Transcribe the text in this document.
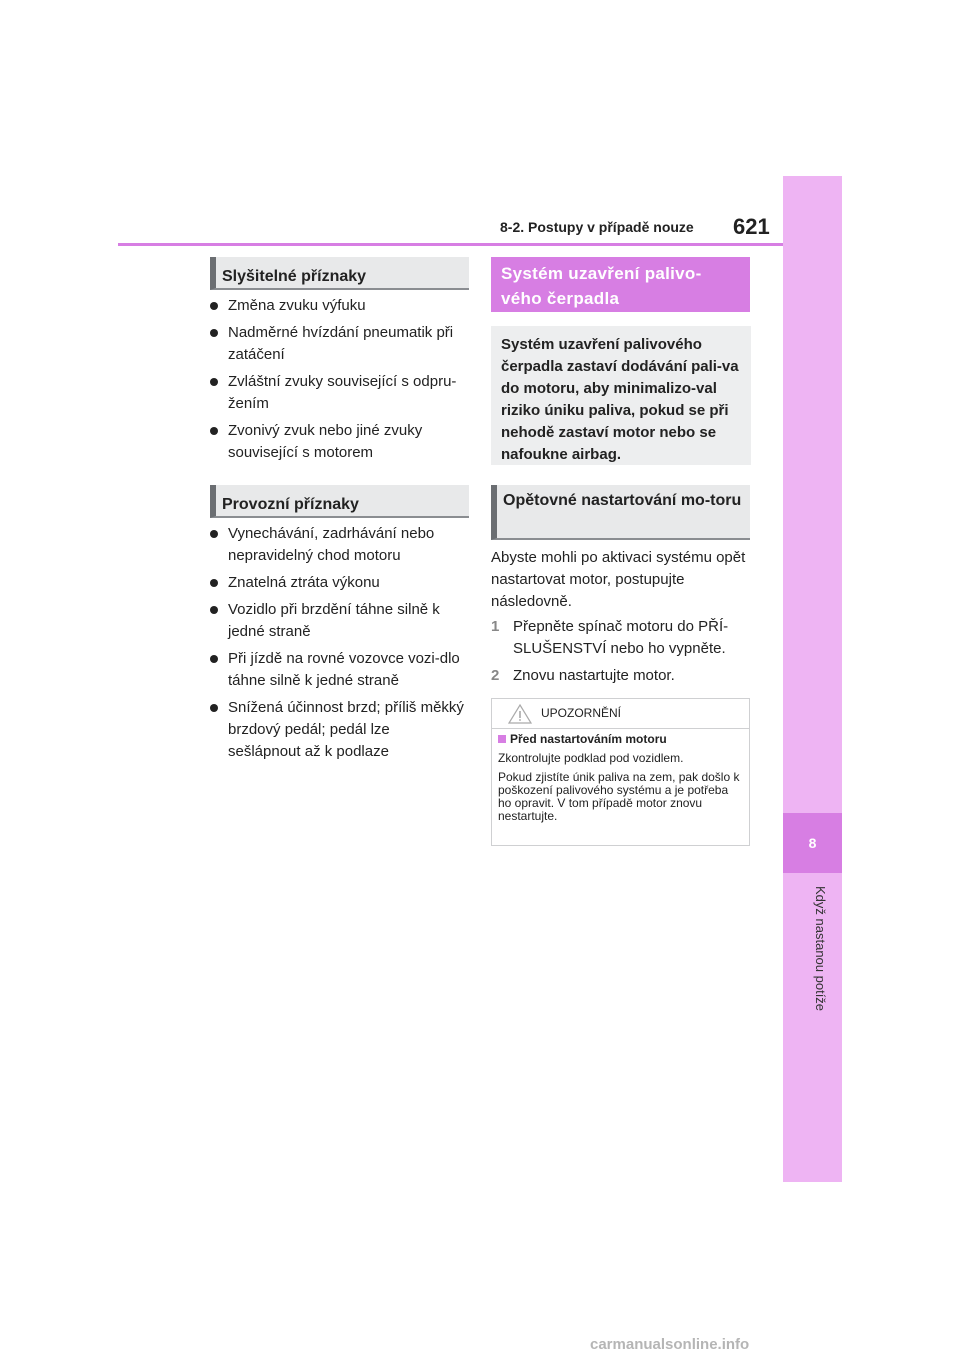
8
Když nastanou potíže
8-2. Postupy v případě nouze 621
Slyšitelné příznaky
Změna zvuku výfuku
Nadměrné hvízdání pneumatik při zatáčení
Zvláštní zvuky související s odpru-žením
Zvonivý zvuk nebo jiné zvuky související s motorem
Provozní příznaky
Vynechávání, zadrhávání nebo nepravidelný chod motoru
Znatelná ztráta výkonu
Vozidlo při brzdění táhne silně k jedné straně
Při jízdě na rovné vozovce vozi-dlo táhne silně k jedné straně
Snížená účinnost brzd; příliš měkký brzdový pedál; pedál lze sešlápnout až k podlaze
Systém uzavření palivo-vého čerpadla
Systém uzavření palivového čerpadla zastaví dodávání pali-va do motoru, aby minimalizo-val riziko úniku paliva, pokud se při nehodě zastaví motor nebo se nafoukne airbag.
Opětovné nastartování mo-toru
Abyste mohli po aktivaci systému opět nastartovat motor, postupujte následovně.
1 Přepněte spínač motoru do PŘÍ-SLUŠENSTVÍ nebo ho vypněte.
2 Znovu nastartujte motor.
UPOZORNĚNÍ
Před nastartováním motoru

Zkontrolujte podklad pod vozidlem.

Pokud zjistíte únik paliva na zem, pak došlo k poškození palivového systému a je potřeba ho opravit. V tom případě motor znovu nestartujte.

carmanualsonline.info
